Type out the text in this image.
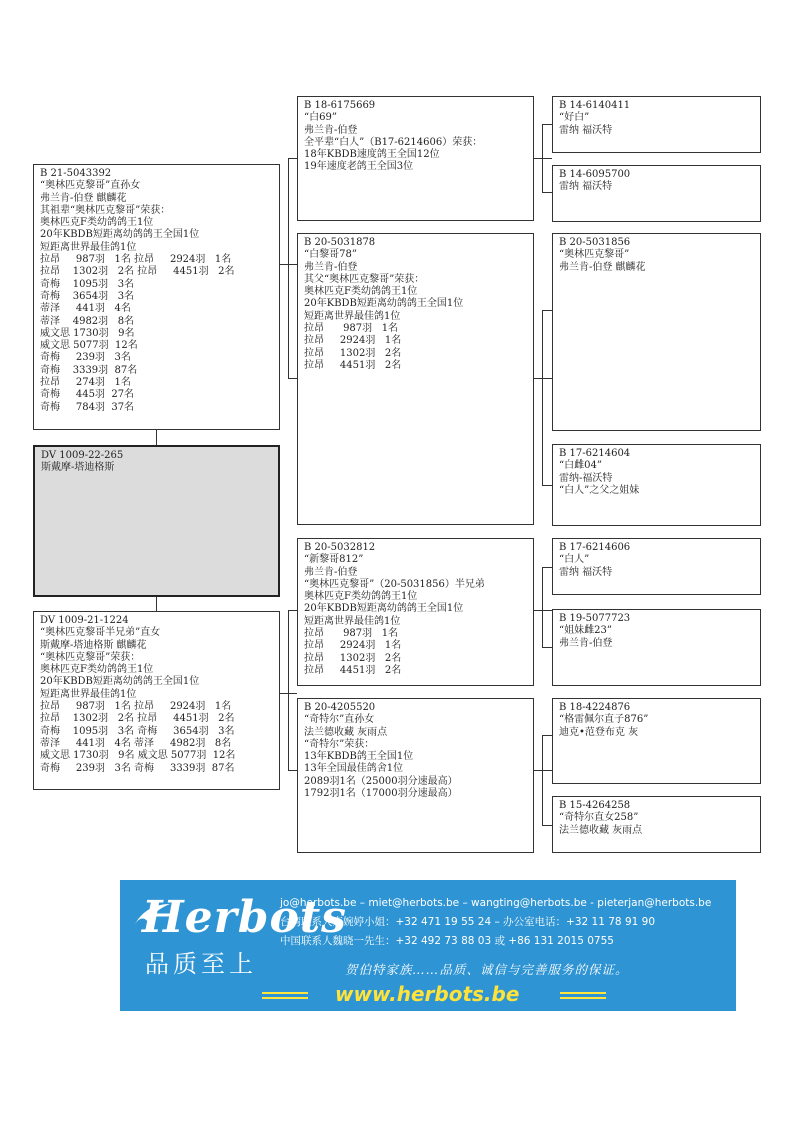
B 21-5043392
“奥林匹克黎哥”直孙女
弗兰肯-伯登 麒麟花
其祖辈“奥林匹克黎哥”荣获：
奥林匹克F类幼鸽鸽王1位
20年KBDB短距离幼鸽鸽王全国1位
短距离世界最佳鸽1位
拉昂     987羽   1名 拉昂     2924羽   1名
拉昂    1302羽   2名 拉昂     4451羽   2名
奇梅    1095羽   3名
奇梅    3654羽   3名
蒂泽     441羽   4名
蒂泽    4982羽   8名
威文思 1730羽   9名
威文思 5077羽  12名
奇梅     239羽   3名
奇梅    3339羽  87名
拉昂     274羽   1名
奇梅     445羽  27名
奇梅     784羽  37名
DV 1009-22-265
斯戴摩-塔迪格斯
DV 1009-21-1224
“奥林匹克黎哥半兄弟”直女
斯戴摩-塔迪格斯 麒麟花
“奥林匹克黎哥”荣获：
奥林匹克F类幼鸽鸽王1位
20年KBDB短距离幼鸽鸽王全国1位
短距离世界最佳鸽1位
拉昂     987羽   1名 拉昂     2924羽   1名
拉昂    1302羽   2名 拉昂     4451羽   2名
奇梅    1095羽   3名 奇梅     3654羽   3名
蒂泽     441羽   4名 蒂泽     4982羽   8名
威文思 1730羽   9名 威文思 5077羽  12名
奇梅     239羽   3名 奇梅     3339羽  87名
B 18-6175669
“白69”
弗兰肯-伯登
全平辈“白人”（B17-6214606）荣获：
18年KBDB速度鸽王全国12位
19年速度老鸽王全国3位
B 20-5031878
“白黎哥78”
弗兰肯-伯登
其父“奥林匹克黎哥”荣获：
奥林匹克F类幼鸽鸽王1位
20年KBDB短距离幼鸽鸽王全国1位
短距离世界最佳鸽1位
拉昂      987羽   1名
拉昂     2924羽   1名
拉昂     1302羽   2名
拉昂     4451羽   2名
B 20-5032812
“新黎哥812”
弗兰肯-伯登
“奥林匹克黎哥”（20-5031856）半兄弟
奥林匹克F类幼鸽鸽王1位
20年KBDB短距离幼鸽鸽王全国1位
短距离世界最佳鸽1位
拉昂      987羽   1名
拉昂     2924羽   1名
拉昂     1302羽   2名
拉昂     4451羽   2名
B 20-4205520
“奇特尔”直孙女
法兰德收藏 灰雨点
“奇特尔”荣获：
13年KBDB鸽王全国1位
13年全国最佳鸽舍1位
2089羽1名（25000羽分速最高）
1792羽1名（17000羽分速最高）
B 14-6140411
“好白”
雷纳 福沃特
B 14-6095700
雷纳 福沃特
B 20-5031856
“奥林匹克黎哥”
弗兰肯-伯登 麒麟花
B 17-6214604
“白雌04”
雷纳-福沃特
“白人”之父之姐妹
B 17-6214606
“白人”
雷纳 福沃特
B 19-5077723
“姐妹雌23”
弗兰肯-伯登
B 18-4224876
“格雷佩尔直子876”
迪克•范登布克 灰
B 15-4264258
“奇特尔直女258”
法兰德收藏 灰雨点
Herbots
品质至上
jo@herbots.be – miet@herbots.be – wangting@herbots.be - pieterjan@herbots.be
台湾联系人卢婉婷小姐：+32 471 19 55 24 – 办公室电话：+32 11 78 91 90
中国联系人魏晓一先生：+32 492 73 88 03 或 +86 131 2015 0755
贺伯特家族……品质、诚信与完善服务的保证。
www.herbots.be
